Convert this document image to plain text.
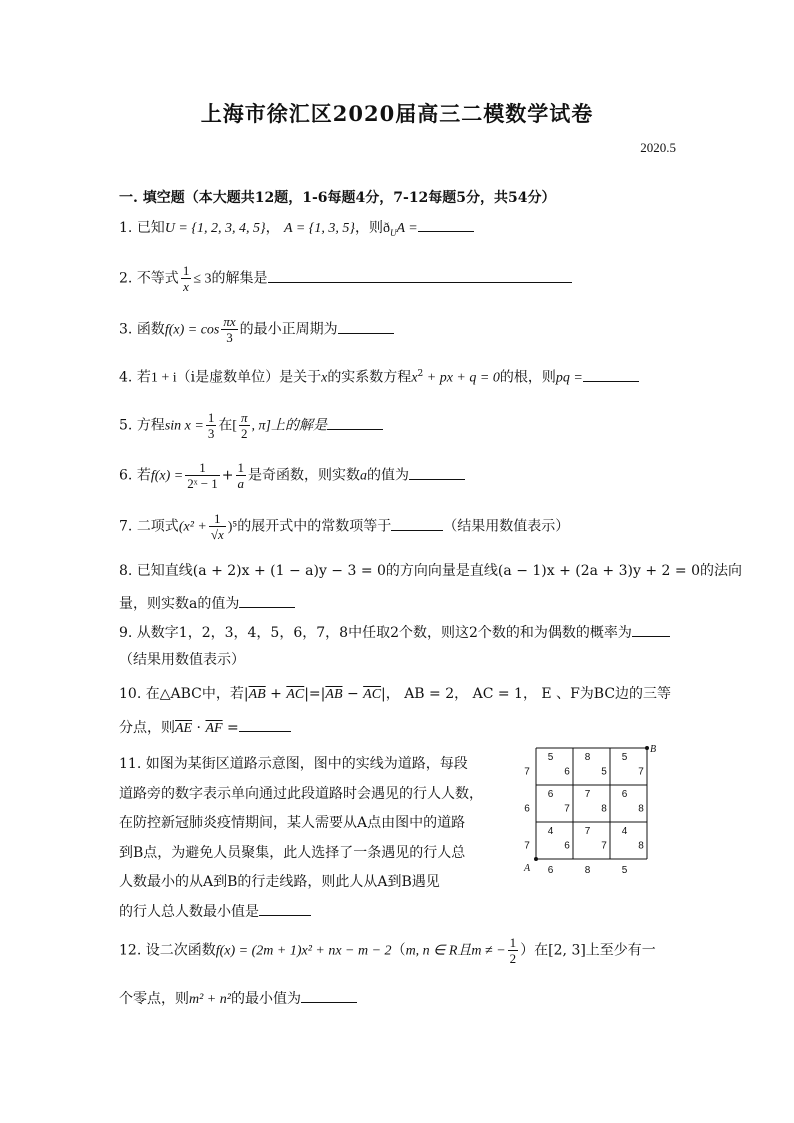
上海市徐汇区2020届高三二模数学试卷
2020.5
一. 填空题（本大题共12题，1-6每题4分，7-12每题5分，共54分）
1. 已知U = {1, 2, 3, 4, 5}， A = {1, 3, 5}，则$ð_UA$ =
2. 不等式 $\frac{1}{x} \le 3$的解集是
3. 函数$f(x) = \cos \frac{\pi x}{3}$ 的最小正周期为
4. 若1 + i（i是虚数单位）是关于x的实系数方程$x^2$ + px + q = 0的根，则pq =
5. 方程$\sin x = \frac{1}{3}$ 在[ $\frac{\pi}{2}$ , π]上的解是
6. 若$f(x) = \frac{1}{\text{2ˣ − 1}} + \frac{1}{a}$ 是奇函数，则实数a的值为
7. 二项式$(x^2 + \frac{1}{√x} )^5$的展开式中的常数项等于	（结果用数值表示）
8. 已知直线(a + 2)x + (1 − a)y − 3 = 0的方向向量是直线(a − 1)x + (2a + 3)y + 2 = 0的法向
量，则实数a的值为
9. 从数字1，2，3，4，5，6，7，8中任取2个数，则这2个数的和为偶数的概率为
（结果用数值表示）
10. 在△ABC中，若$|\overline{AB} + \overline{AC}|=|\overline{AB} - \overline{AC}|$， AB = 2， AC = 1， E 、F为BC边的三等
分点，则$\overline{AE} \cdot \overline{AF}$ =
11. 如图为某街区道路示意图，图中的实线为道路，每段
道路旁的数字表示单向通过此段道路时会遇见的行人人数，
在防控新冠肺炎疫情期间，某人需要从A点由图中的道路
到B点，为避免人员聚集，此人选择了一条遇见的行人总
人数最小的从A到B的行走线路，则此人从A到B遇见
的行人总人数最小值是
5	8	5
6	7	6
4	7	4
6	8	5
7	6	5	7
6	7	8	8
7	6	7	8
A
B
12. 设二次函数f(x) = (2m + 1)x² + nx − m − 2（m, n ∈ R且m ≠ − $\frac{1}{2}$ ）在[2, 3]上至少有一
个零点，则m² + n²的最小值为
